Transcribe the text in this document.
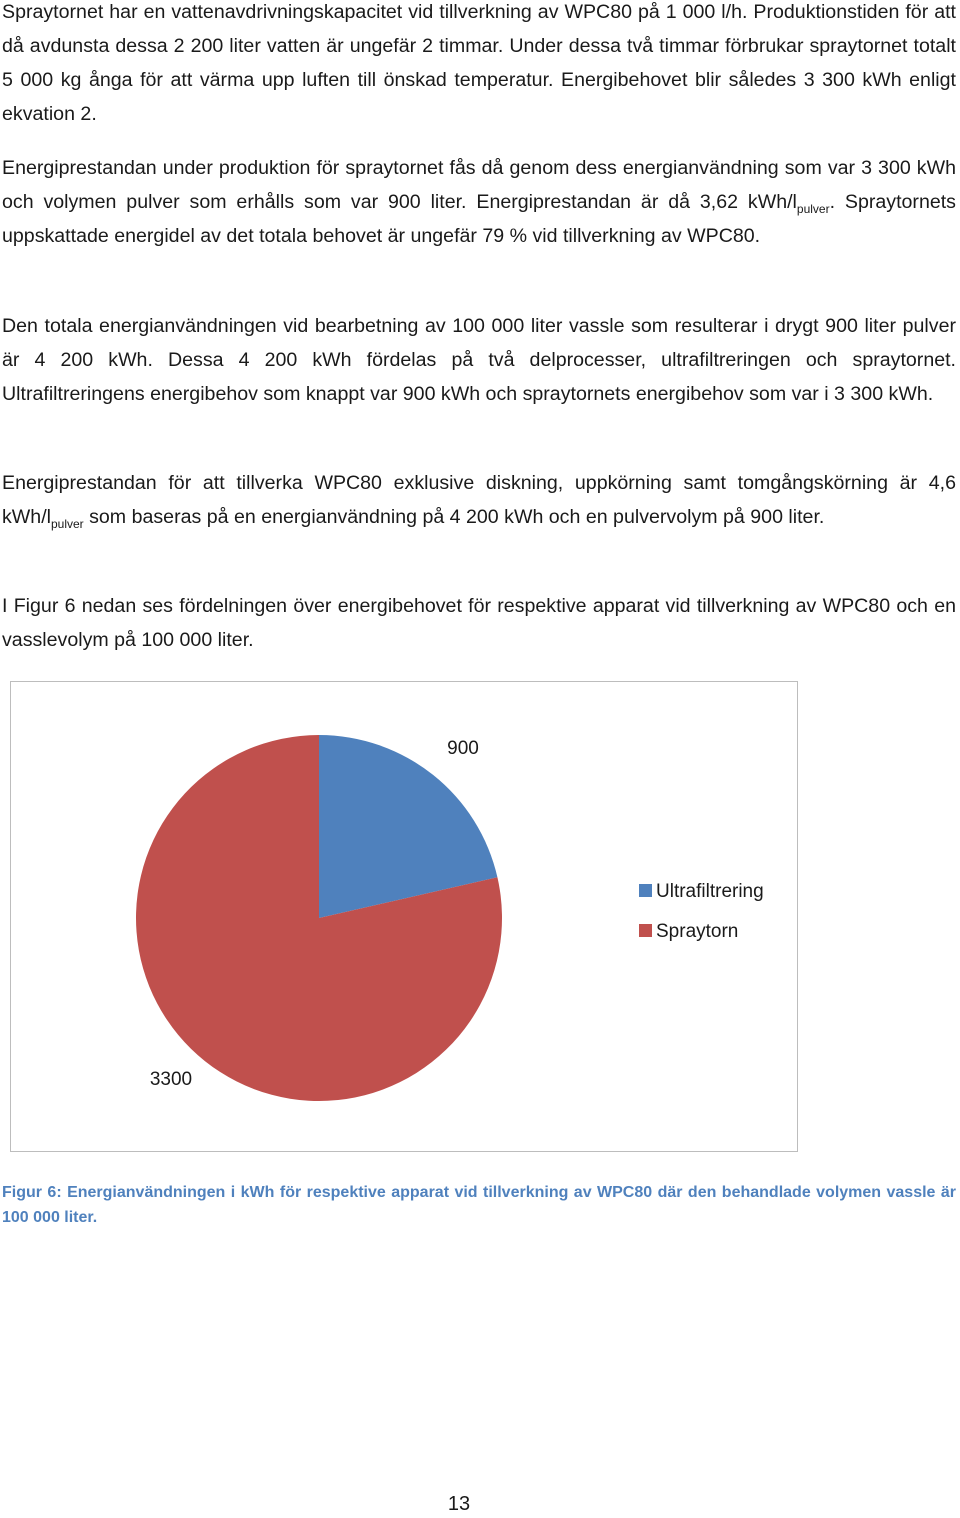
Spraytornet har en vattenavdrivningskapacitet vid tillverkning av WPC80 på 1 000 l/h. Produktionstiden för att då avdunsta dessa 2 200 liter vatten är ungefär 2 timmar. Under dessa två timmar förbrukar spraytornet totalt 5 000 kg ånga för att värma upp luften till önskad temperatur. Energibehovet blir således 3 300 kWh enligt ekvation 2.

Energiprestandan under produktion för spraytornet fås då genom dess energianvändning som var 3 300 kWh och volymen pulver som erhålls som var 900 liter. Energiprestandan är då 3,62 kWh/$l_{pulver}$. Spraytornets uppskattade energidel av det totala behovet är ungefär 79 % vid tillverkning av WPC80.

Den totala energianvändningen vid bearbetning av 100 000 liter vassle som resulterar i drygt 900 liter pulver är 4 200 kWh. Dessa 4 200 kWh fördelas på två delprocesser, ultrafiltreringen och spraytornet. Ultrafiltreringens energibehov som knappt var 900 kWh och spraytornets energibehov som var i 3 300 kWh.

Energiprestandan för att tillverka WPC80 exklusive diskning, uppkörning samt tomgångskörning är 4,6 kWh/$l_{pulver}$ som baseras på en energianvändning på 4 200 kWh och en pulvervolym på 900 liter.

I Figur 6 nedan ses fördelningen över energibehovet för respektive apparat vid tillverkning av WPC80 och en vasslevolym på 100 000 liter.

900
3300
Ultrafiltrering
Spraytorn

Figur 6: Energianvändningen i kWh för respektive apparat vid tillverkning av WPC80 där den behandlade volymen vassle är 100 000 liter.

13
